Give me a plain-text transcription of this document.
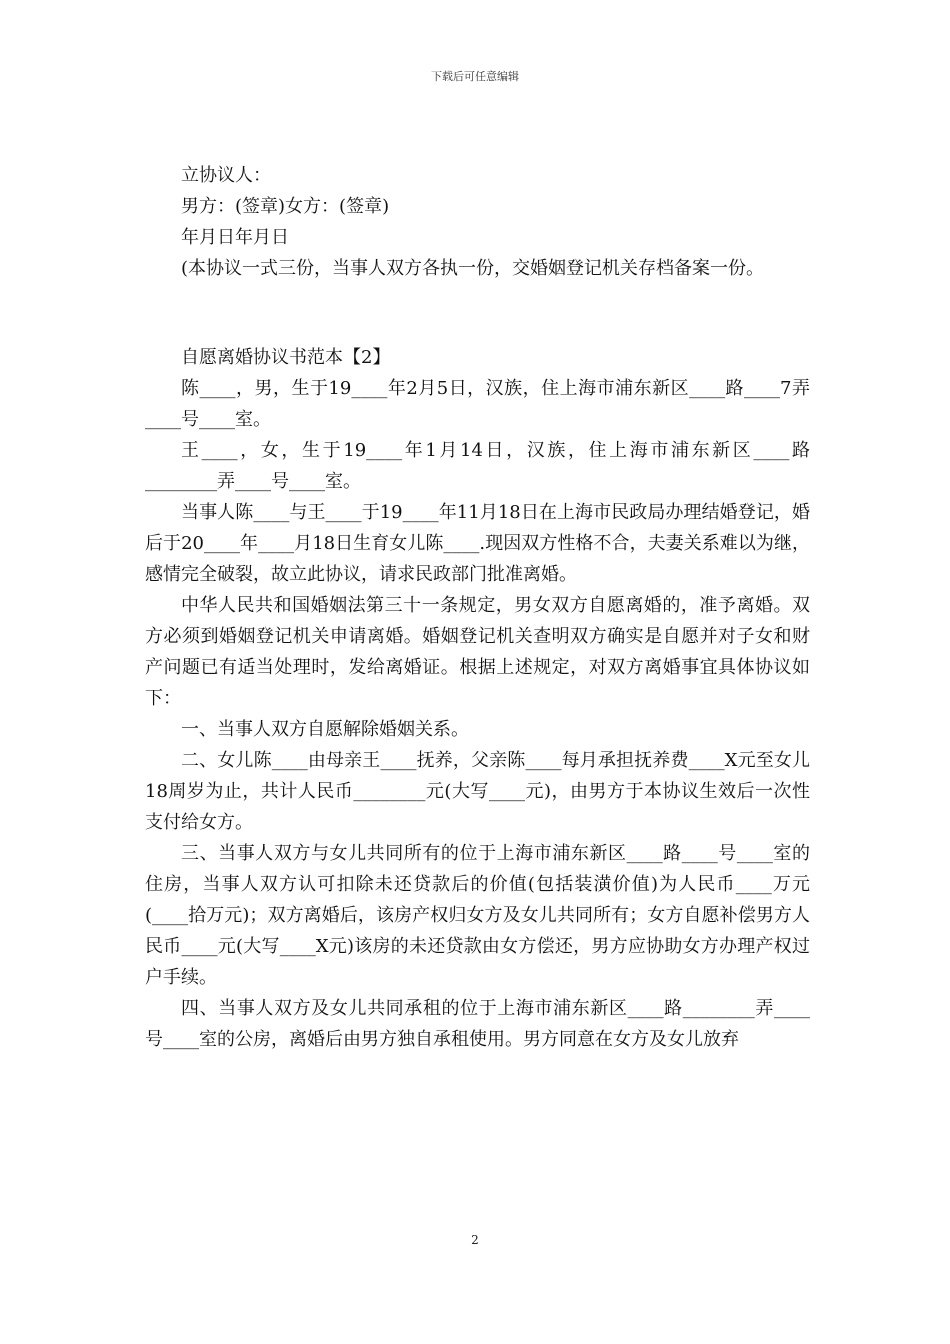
下载后可任意编辑

立协议人：

男方：(签章)女方：(签章)

年月日年月日

(本协议一式三份，当事人双方各执一份，交婚姻登记机关存档备案一份。

自愿离婚协议书范本【2】

陈____，男，生于19____年2月5日，汉族，住上海市浦东新区____路____7弄____号____室。

王____，女，生于19____年1月14日，汉族，住上海市浦东新区____路________弄____号____室。

当事人陈____与王____于19____年11月18日在上海市民政局办理结婚登记，婚后于20____年____月18日生育女儿陈____.现因双方性格不合，夫妻关系难以为继，感情完全破裂，故立此协议，请求民政部门批准离婚。

中华人民共和国婚姻法第三十一条规定，男女双方自愿离婚的，准予离婚。双方必须到婚姻登记机关申请离婚。婚姻登记机关查明双方确实是自愿并对子女和财产问题已有适当处理时，发给离婚证。根据上述规定，对双方离婚事宜具体协议如下：

一、当事人双方自愿解除婚姻关系。

二、女儿陈____由母亲王____抚养，父亲陈____每月承担抚养费____X元至女儿18周岁为止，共计人民币________元(大写____元)，由男方于本协议生效后一次性支付给女方。

三、当事人双方与女儿共同所有的位于上海市浦东新区____路____号____室的住房，当事人双方认可扣除未还贷款后的价值(包括装潢价值)为人民币____万元(____拾万元)；双方离婚后，该房产权归女方及女儿共同所有；女方自愿补偿男方人民币____元(大写____X元)该房的未还贷款由女方偿还，男方应协助女方办理产权过户手续。

四、当事人双方及女儿共同承租的位于上海市浦东新区____路________弄____号____室的公房，离婚后由男方独自承租使用。男方同意在女方及女儿放弃

2
